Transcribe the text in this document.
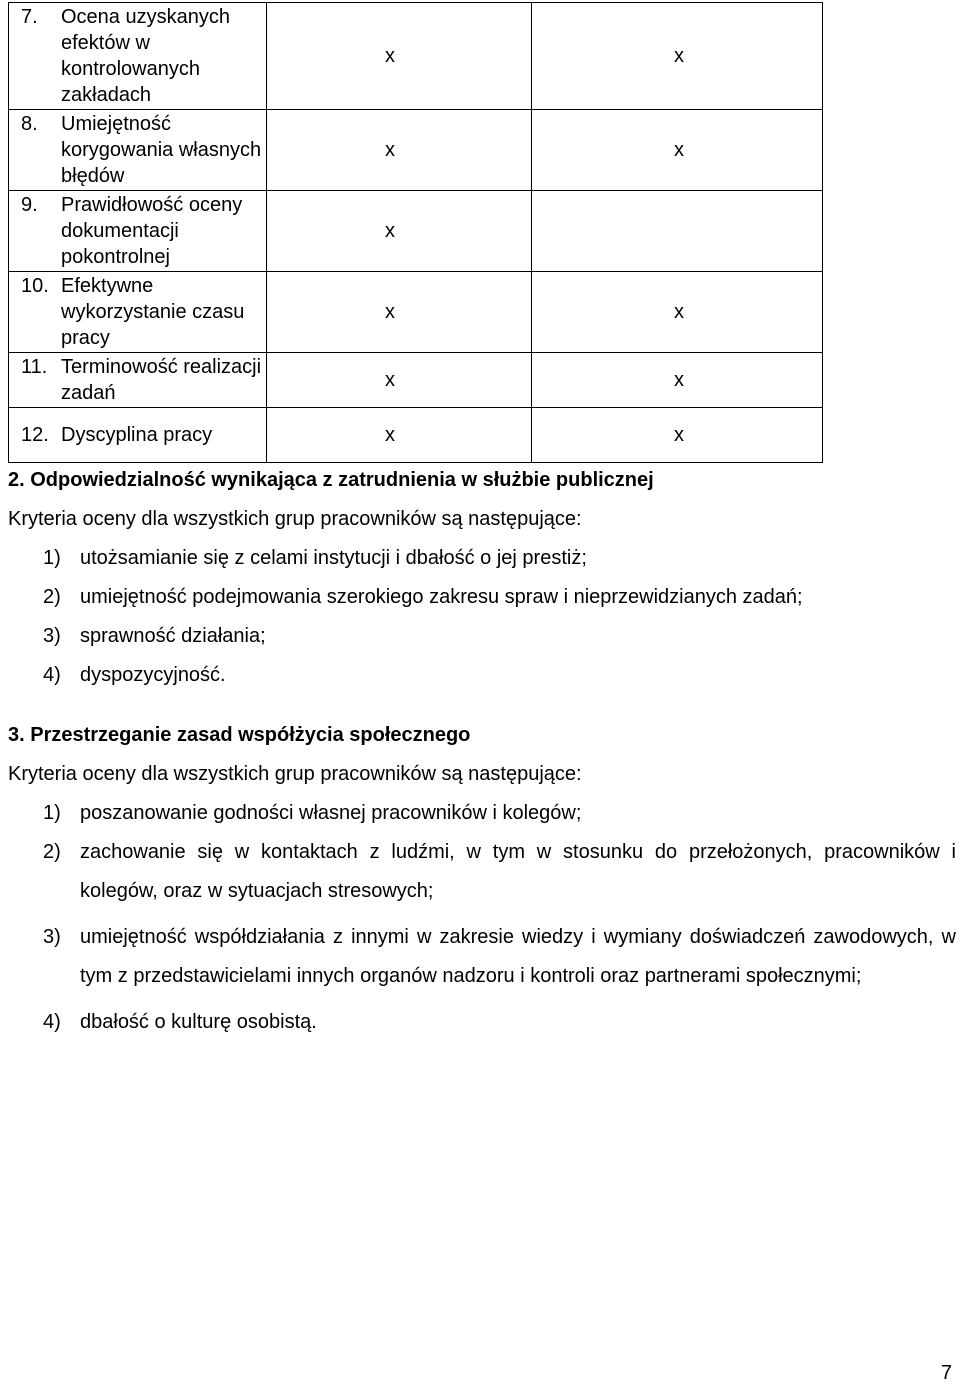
7. Ocena uzyskanych efektów w kontrolowanych zakładach	x	x

8. Umiejętność korygowania własnych błędów	x	x

9. Prawidłowość oceny dokumentacji pokontrolnej	x	

10. Efektywne wykorzystanie czasu pracy	x	x

11. Terminowość realizacji zadań	x	x

12. Dyscyplina pracy	x	x

2. Odpowiedzialność wynikająca z zatrudnienia w służbie publicznej

Kryteria oceny dla wszystkich grup pracowników są następujące:

1) utożsamianie się z celami instytucji i dbałość o jej prestiż;
2) umiejętność podejmowania szerokiego zakresu spraw i nieprzewidzianych zadań;
3) sprawność działania;
4) dyspozycyjność.

3. Przestrzeganie zasad współżycia społecznego

Kryteria oceny dla wszystkich grup pracowników są następujące:

1) poszanowanie godności własnej pracowników i kolegów;
2) zachowanie się w kontaktach z ludźmi, w tym w stosunku do przełożonych, pracowników i kolegów, oraz w sytuacjach stresowych;
3) umiejętność współdziałania z innymi w zakresie wiedzy i wymiany doświadczeń zawodowych, w tym z przedstawicielami innych organów nadzoru i kontroli oraz partnerami społecznymi;
4) dbałość o kulturę osobistą.
7
